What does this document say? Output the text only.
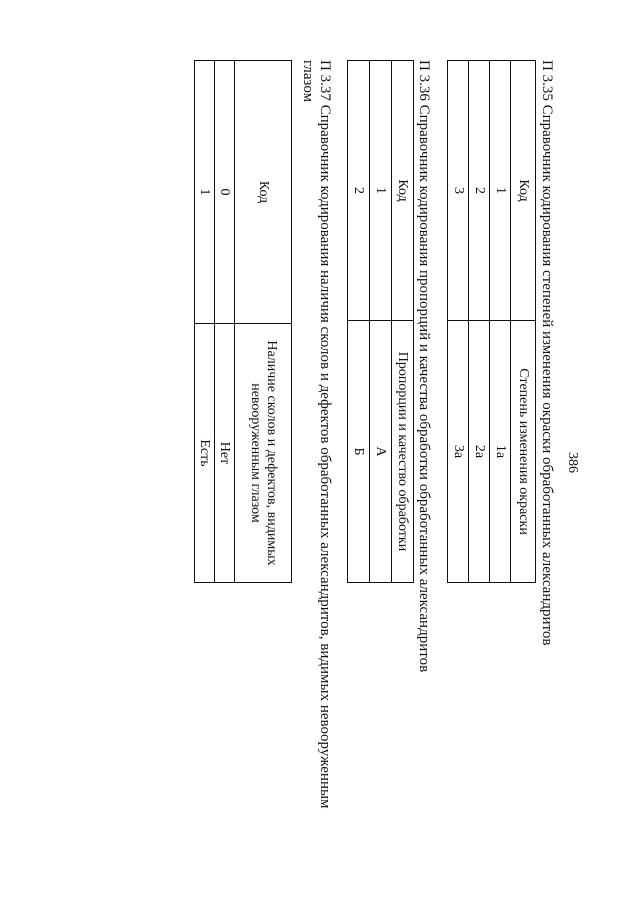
386
П 3.35 Справочник кодирования степеней изменения окраски обработанных александритов
Код	Степень изменения окраски
1	1а
2	2а
3	3а
П 3.36 Справочник кодирования пропорций и качества обработки обработанных александритов
Код	Пропорции и качество обработки
1	А
2	Б
П 3.37 Справочник кодирования наличия сколов и дефектов обработанных александритов, видимых невооруженным глазом
Код	Наличие сколов и дефектов, видимых невооруженным глазом
0	Нет
1	Есть
